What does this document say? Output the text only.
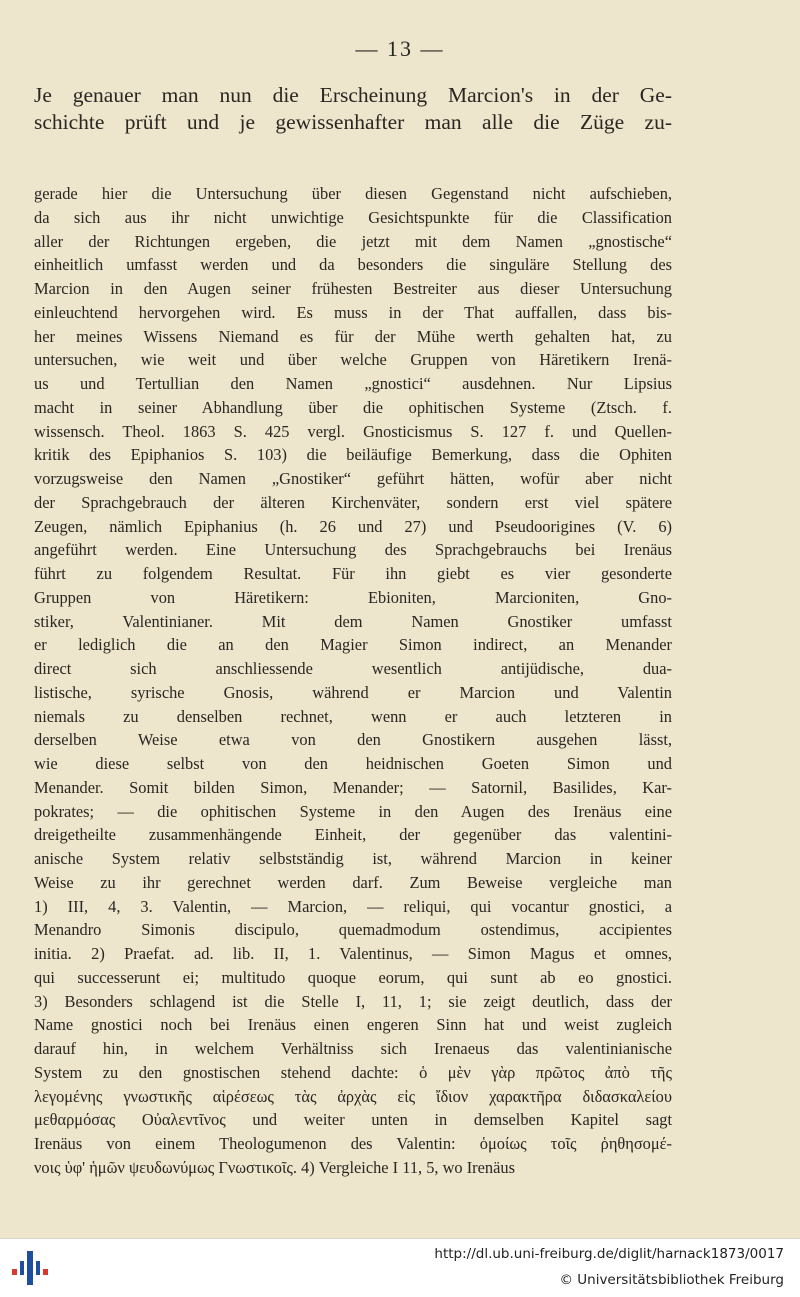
— 13 —
Je genauer man nun die Erscheinung Marcion's in der Ge-
schichte prüft und je gewissenhafter man alle die Züge zu-
gerade hier die Untersuchung über diesen Gegenstand nicht aufschieben,
da sich aus ihr nicht unwichtige Gesichtspunkte für die Classification
aller der Richtungen ergeben, die jetzt mit dem Namen „gnostische“
einheitlich umfasst werden und da besonders die singuläre Stellung des
Marcion in den Augen seiner frühesten Bestreiter aus dieser Untersuchung
einleuchtend hervorgehen wird. Es muss in der That auffallen, dass bis-
her meines Wissens Niemand es für der Mühe werth gehalten hat, zu
untersuchen, wie weit und über welche Gruppen von Häretikern Irenä-
us und Tertullian den Namen „gnostici“ ausdehnen. Nur Lipsius
macht in seiner Abhandlung über die ophitischen Systeme (Ztsch. f.
wissensch. Theol. 1863 S. 425 vergl. Gnosticismus S. 127 f. und Quellen-
kritik des Epiphanios S. 103) die beiläufige Bemerkung, dass die Ophiten
vorzugsweise den Namen „Gnostiker“ geführt hätten, wofür aber nicht
der Sprachgebrauch der älteren Kirchenväter, sondern erst viel spätere
Zeugen, nämlich Epiphanius (h. 26 und 27) und Pseudoorigines (V. 6)
angeführt werden. Eine Untersuchung des Sprachgebrauchs bei Irenäus
führt zu folgendem Resultat. Für ihn giebt es vier gesonderte
Gruppen von Häretikern: Ebioniten, Marcioniten, Gno-
stiker, Valentinianer. Mit dem Namen Gnostiker umfasst
er lediglich die an den Magier Simon indirect, an Menander
direct sich anschliessende wesentlich antijüdische, dua-
listische, syrische Gnosis, während er Marcion und Valentin
niemals zu denselben rechnet, wenn er auch letzteren in
derselben Weise etwa von den Gnostikern ausgehen lässt,
wie diese selbst von den heidnischen Goeten Simon und
Menander. Somit bilden Simon, Menander; — Satornil, Basilides, Kar-
pokrates; — die ophitischen Systeme in den Augen des Irenäus eine
dreigetheilte zusammenhängende Einheit, der gegenüber das valentini-
anische System relativ selbstständig ist, während Marcion in keiner
Weise zu ihr gerechnet werden darf. Zum Beweise vergleiche man
1) III, 4, 3. Valentin, — Marcion, — reliqui, qui vocantur gnostici, a
Menandro Simonis discipulo, quemadmodum ostendimus, accipientes
initia. 2) Praefat. ad. lib. II, 1. Valentinus, — Simon Magus et omnes,
qui successerunt ei; multitudo quoque eorum, qui sunt ab eo gnostici.
3) Besonders schlagend ist die Stelle I, 11, 1; sie zeigt deutlich, dass der
Name gnostici noch bei Irenäus einen engeren Sinn hat und weist zugleich
darauf hin, in welchem Verhältniss sich Irenaeus das valentinianische
System zu den gnostischen stehend dachte: ὁ μὲν γὰρ πρῶτος ἀπὸ τῆς
λεγομένης γνωστικῆς αἱρέσεως τὰς ἀρχὰς εἰς ἴδιον χαρακτῆρα διδασκαλείου
μεθαρμόσας Οὐαλεντῖνος und weiter unten in demselben Kapitel sagt
Irenäus von einem Theologumenon des Valentin: ὁμοίως τοῖς ῥηθησομέ-
νοις ὑφ' ἡμῶν ψευδωνύμως Γνωστικοῖς. 4) Vergleiche I 11, 5, wo Irenäus
http://dl.ub.uni-freiburg.de/diglit/harnack1873/0017
© Universitätsbibliothek Freiburg
